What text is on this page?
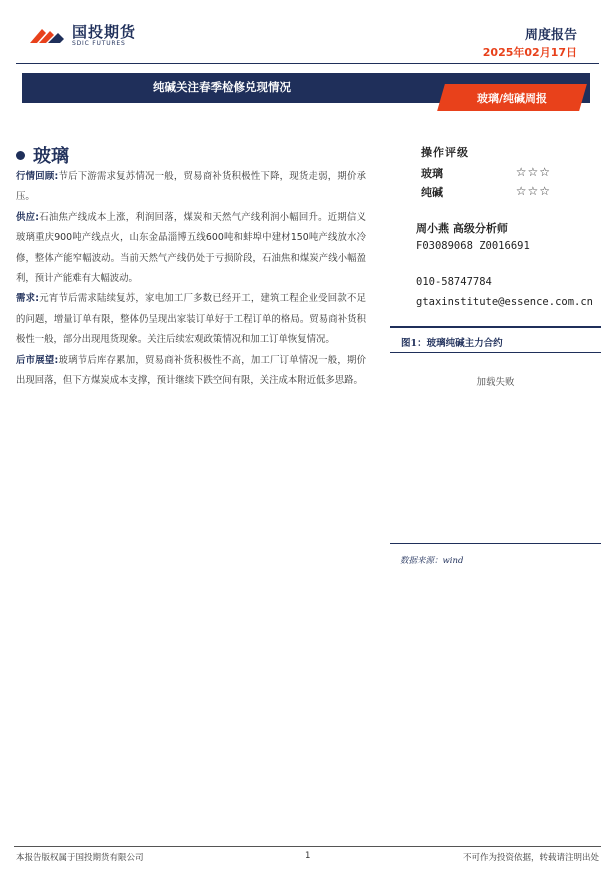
国投期货
SDIC FUTURES
周度报告
2025年02月17日
纯碱关注春季检修兑现情况
玻璃/纯碱周报
玻璃

行情回顾:节后下游需求复苏情况一般，贸易商补货积极性下降，现货走弱，期价承压。

供应:石油焦产线成本上涨，利润回落，煤炭和天然气产线利润小幅回升。近期信义玻璃重庆900吨产线点火，山东金晶淄博五线600吨和蚌埠中建材150吨产线放水冷修，整体产能窄幅波动。当前天然气产线仍处于亏损阶段，石油焦和煤炭产线小幅盈利，预计产能难有大幅波动。

需求:元宵节后需求陆续复苏，家电加工厂多数已经开工，建筑工程企业受回款不足的问题，增量订单有限，整体仍呈现出家装订单好于工程订单的格局。贸易商补货积极性一般，部分出现甩货现象。关注后续宏观政策情况和加工订单恢复情况。

后市展望:玻璃节后库存累加，贸易商补货积极性不高，加工厂订单情况一般，期价出现回落，但下方煤炭成本支撑，预计继续下跌空间有限，关注成本附近低多思路。

操作评级
玻璃	☆☆☆
纯碱	☆☆☆
周小燕 高级分析师
F03089068 Z0016691
010-58747784
gtaxinstitute@essence.com.cn
图1：玻璃纯碱主力合约
加载失败
数据来源：wind
本报告版权属于国投期货有限公司	1	不可作为投资依据，转载请注明出处
